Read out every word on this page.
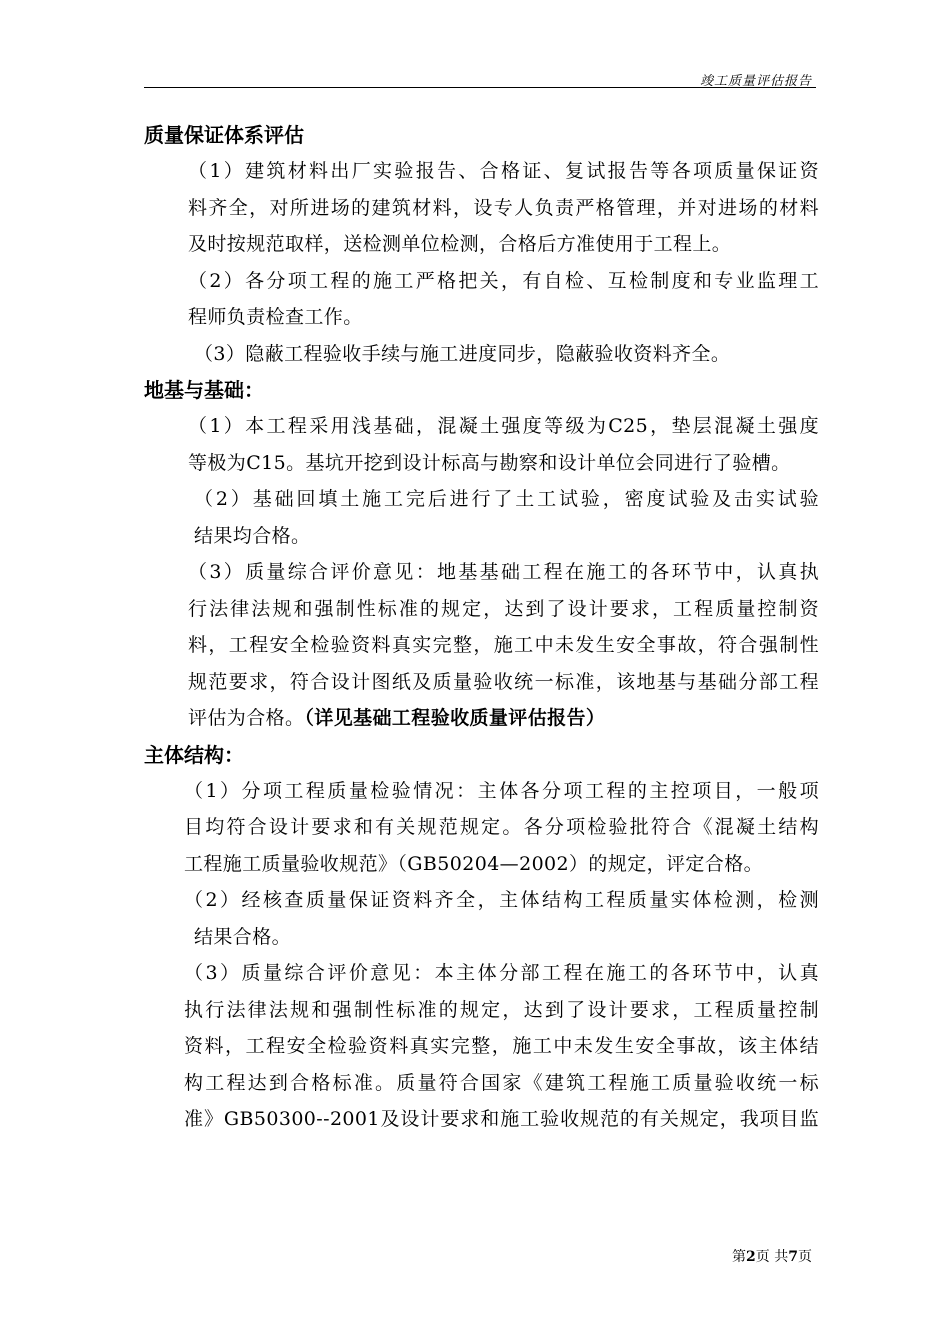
竣工质量评估报告
质量保证体系评估

（1）建筑材料出厂实验报告、合格证、复试报告等各项质量保证资
料齐全，对所进场的建筑材料，设专人负责严格管理，并对进场的材料
及时按规范取样，送检测单位检测，合格后方准使用于工程上。

（2）各分项工程的施工严格把关，有自检、互检制度和专业监理工
程师负责检查工作。

（3）隐蔽工程验收手续与施工进度同步，隐蔽验收资料齐全。

地基与基础：

（1）本工程采用浅基础，混凝土强度等级为C25，垫层混凝土强度
等极为C15。基坑开挖到设计标高与勘察和设计单位会同进行了验槽。

（2）基础回填土施工完后进行了土工试验，密度试验及击实试验
结果均合格。

（3）质量综合评价意见：地基基础工程在施工的各环节中，认真执
行法律法规和强制性标准的规定，达到了设计要求，工程质量控制资
料，工程安全检验资料真实完整，施工中未发生安全事故，符合强制性
规范要求，符合设计图纸及质量验收统一标准，该地基与基础分部工程
评估为合格。（详见基础工程验收质量评估报告）

主体结构：

（1）分项工程质量检验情况：主体各分项工程的主控项目，一般项
目均符合设计要求和有关规范规定。各分项检验批符合《混凝土结构
工程施工质量验收规范》（GB50204—2002）的规定，评定合格。

（2）经核查质量保证资料齐全，主体结构工程质量实体检测，检测
结果合格。

（3）质量综合评价意见：本主体分部工程在施工的各环节中，认真
执行法律法规和强制性标准的规定，达到了设计要求，工程质量控制
资料，工程安全检验资料真实完整，施工中未发生安全事故，该主体结
构工程达到合格标准。质量符合国家《建筑工程施工质量验收统一标
准》GB50300--2001及设计要求和施工验收规范的有关规定，我项目监

第2页 共7页
